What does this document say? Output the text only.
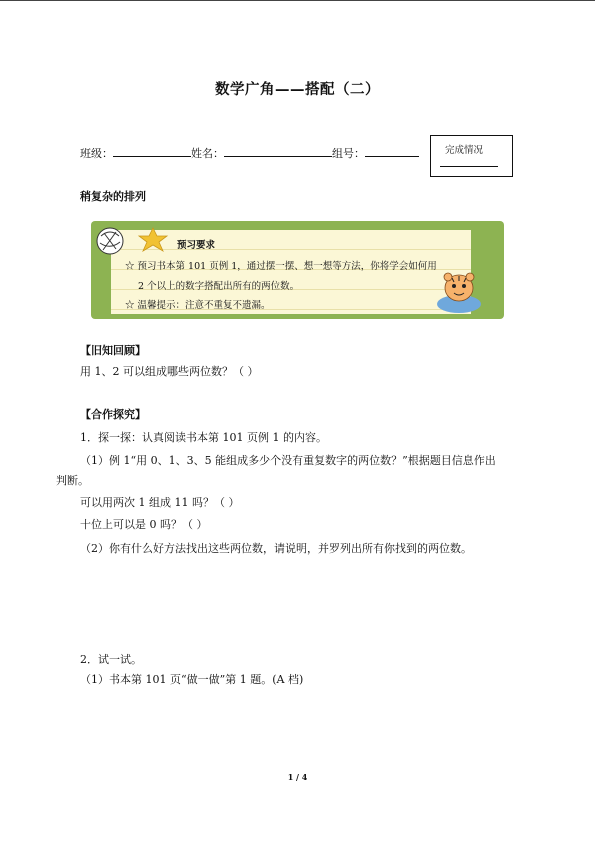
数学广角——搭配（二）
班级：	姓名：	组号：	完成情况
稍复杂的排列
预习要求
☆ 预习书本第 101 页例 1，通过摆一摆、想一想等方法，你将学会如何用
2 个以上的数字搭配出所有的两位数。
☆ 温馨提示：注意不重复不遗漏。
【旧知回顾】
用 1、2 可以组成哪些两位数？（ ）
【合作探究】
1．探一探：认真阅读书本第 101 页例 1 的内容。
（1）例 1“用 0、1、3、5 能组成多少个没有重复数字的两位数？”根据题目信息作出
判断。
可以用两次 1 组成 11 吗？（ ）
十位上可以是 0 吗？（ ）
（2）你有什么好方法找出这些两位数，请说明，并罗列出所有你找到的两位数。
2．试一试。
（1）书本第 101 页“做一做”第 1 题。(A 档)
1 / 4
